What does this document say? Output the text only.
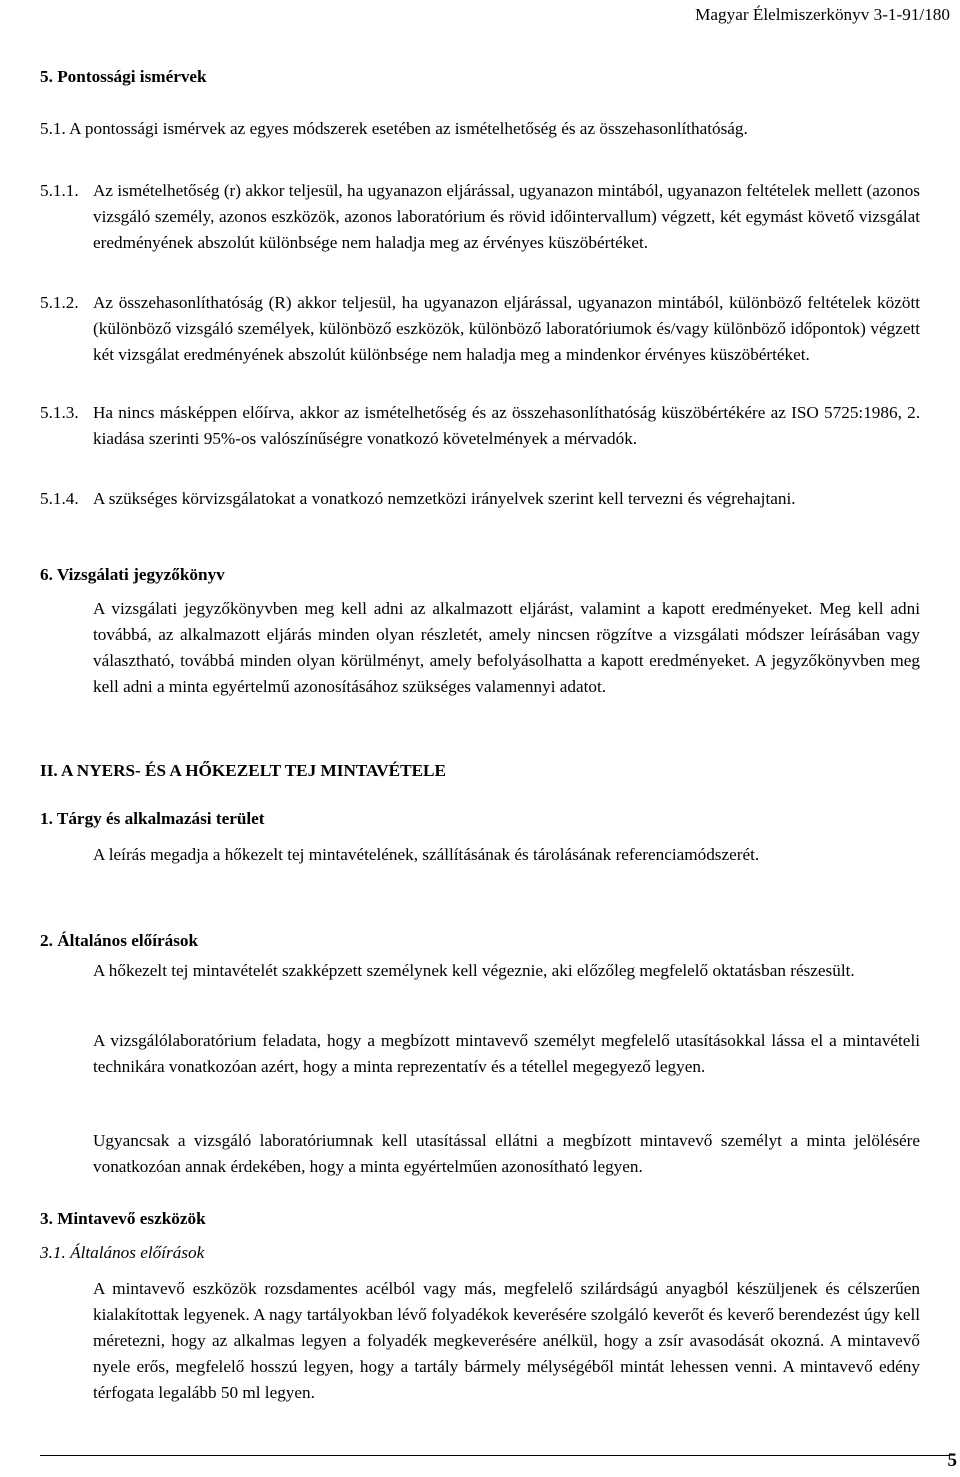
Magyar Élelmiszerkönyv 3-1-91/180
5. Pontossági ismérvek
5.1. A pontossági ismérvek az egyes módszerek esetében az ismételhetőség és az összehasonlíthatóság.
5.1.1. Az ismételhetőség (r) akkor teljesül, ha ugyanazon eljárással, ugyanazon mintából, ugyanazon feltételek mellett (azonos vizsgáló személy, azonos eszközök, azonos laboratórium és rövid időintervallum) végzett, két egymást követő vizsgálat eredményének abszolút különbsége nem haladja meg az érvényes küszöbértéket.
5.1.2. Az összehasonlíthatóság (R) akkor teljesül, ha ugyanazon eljárással, ugyanazon mintából, különböző feltételek között (különböző vizsgáló személyek, különböző eszközök, különböző laboratóriumok és/vagy különböző időpontok) végzett két vizsgálat eredményének abszolút különbsége nem haladja meg a mindenkor érvényes küszöbértéket.
5.1.3. Ha nincs másképpen előírva, akkor az ismételhetőség és az összehasonlíthatóság küszöbértékére az ISO 5725:1986, 2. kiadása szerinti 95%-os valószínűségre vonatkozó követelmények a mérvadók.
5.1.4. A szükséges körvizsgálatokat a vonatkozó nemzetközi irányelvek szerint kell tervezni és végrehajtani.
6. Vizsgálati jegyzőkönyv
A vizsgálati jegyzőkönyvben meg kell adni az alkalmazott eljárást, valamint a kapott eredményeket. Meg kell adni továbbá, az alkalmazott eljárás minden olyan részletét, amely nincsen rögzítve a vizsgálati módszer leírásában vagy választható, továbbá minden olyan körülményt, amely befolyásolhatta a kapott eredményeket. A jegyzőkönyvben meg kell adni a minta egyértelmű azonosításához szükséges valamennyi adatot.
II. A NYERS- ÉS A HŐKEZELT TEJ MINTAVÉTELE
1. Tárgy és alkalmazási terület
A leírás megadja a hőkezelt tej mintavételének, szállításának és tárolásának referenciamódszerét.
2. Általános előírások
A hőkezelt tej mintavételét szakképzett személynek kell végeznie, aki előzőleg megfelelő oktatásban részesült.
A vizsgálólaboratórium feladata, hogy a megbízott mintavevő személyt megfelelő utasításokkal lássa el a mintavételi technikára vonatkozóan azért, hogy a minta reprezentatív és a tétellel megegyező legyen.
Ugyancsak a vizsgáló laboratóriumnak kell utasítással ellátni a megbízott mintavevő személyt a minta jelölésére vonatkozóan annak érdekében, hogy a minta egyértelműen azonosítható legyen.
3. Mintavevő eszközök
3.1. Általános előírások
A mintavevő eszközök rozsdamentes acélból vagy más, megfelelő szilárdságú anyagból készüljenek és célszerűen kialakítottak legyenek. A nagy tartályokban lévő folyadékok keverésére szolgáló keverőt és keverő berendezést úgy kell méretezni, hogy az alkalmas legyen a folyadék megkeverésére anélkül, hogy a zsír avasodását okozná. A mintavevő nyele erős, megfelelő hosszú legyen, hogy a tartály bármely mélységéből mintát lehessen venni. A mintavevő edény térfogata legalább 50 ml legyen.
5
